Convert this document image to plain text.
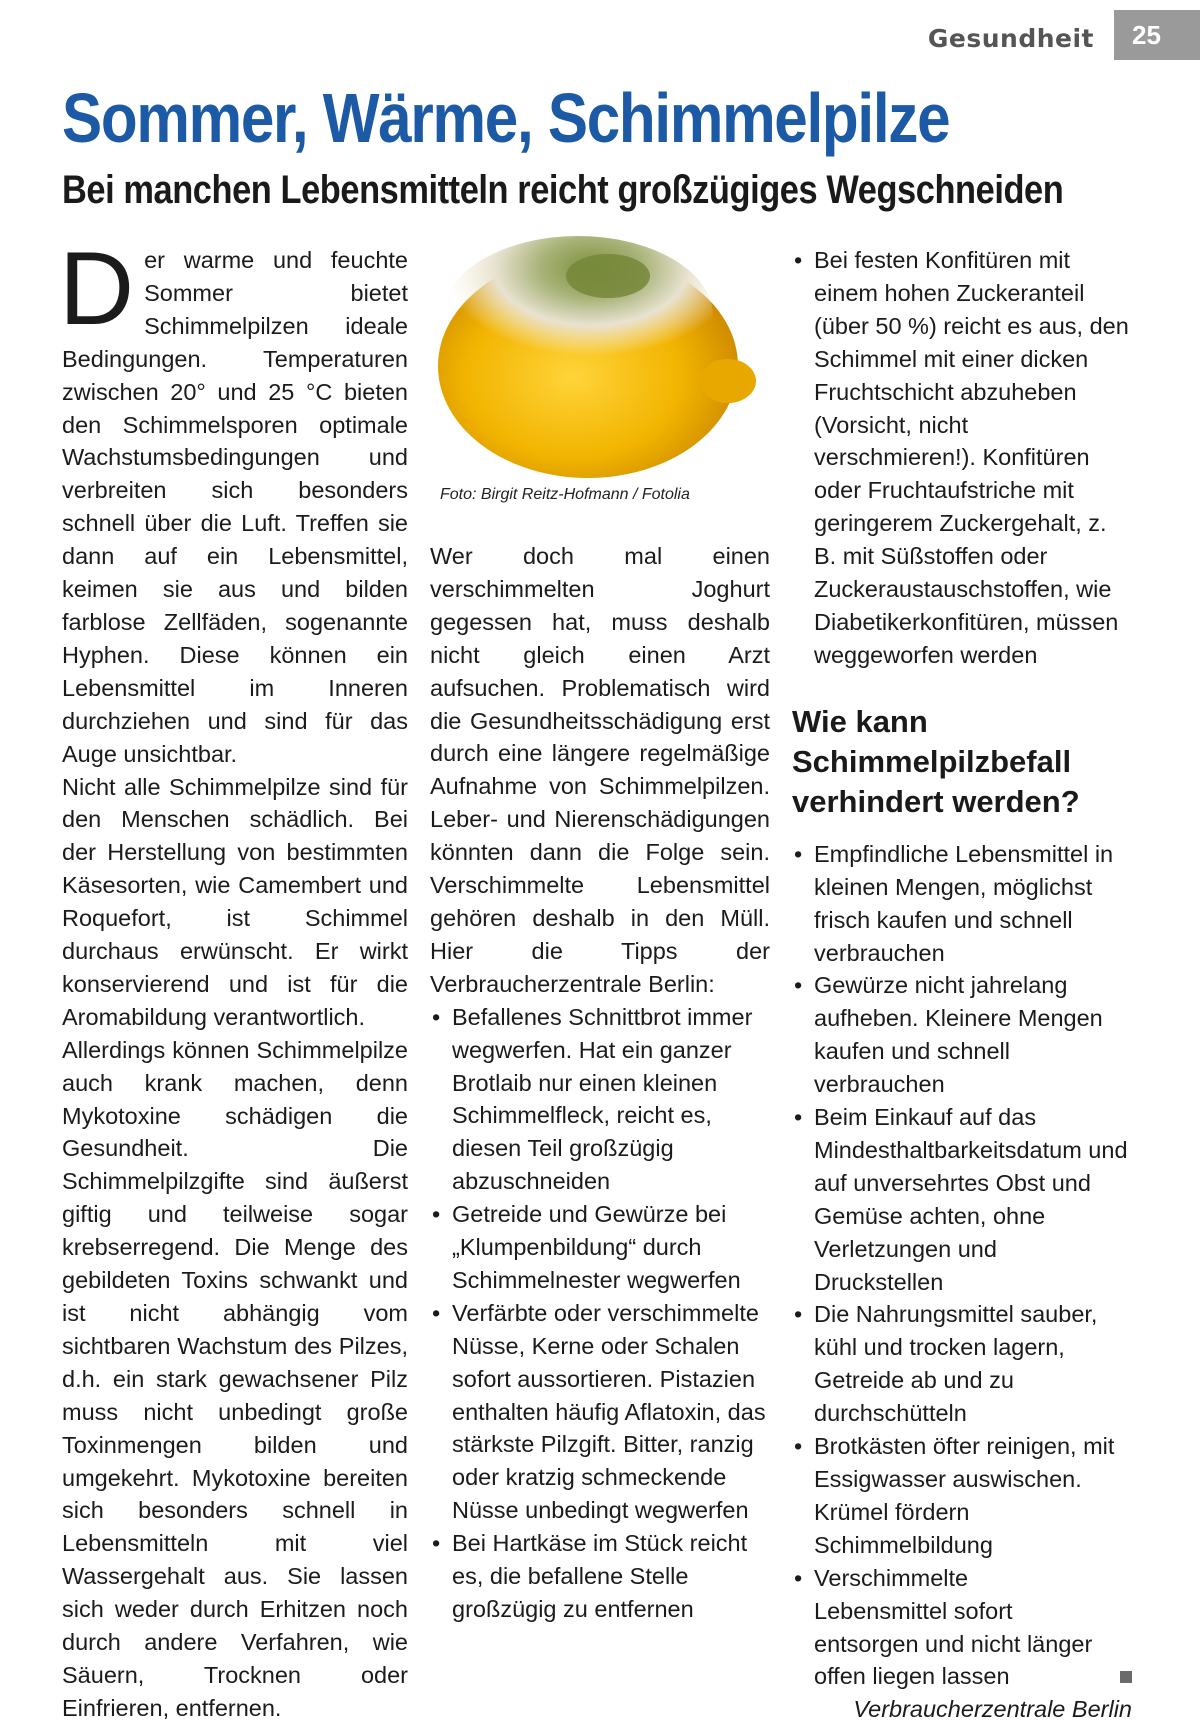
Gesundheit	25
Sommer, Wärme, Schimmelpilze
Bei manchen Lebensmitteln reicht großzügiges Wegschneiden

Der warme und feuchte Sommer bietet Schimmelpilzen ideale Bedingungen. Temperaturen zwischen 20° und 25 °C bieten den Schimmelsporen optimale Wachstumsbedingungen und verbreiten sich besonders schnell über die Luft. Treffen sie dann auf ein Lebensmittel, keimen sie aus und bilden farblose Zellfäden, sogenannte Hyphen. Diese können ein Lebensmittel im Inneren durchziehen und sind für das Auge unsichtbar.

Nicht alle Schimmelpilze sind für den Menschen schädlich. Bei der Herstellung von bestimmten Käsesorten, wie Camembert und Roquefort, ist Schimmel durchaus erwünscht. Er wirkt konservierend und ist für die Aromabildung verantwortlich.

Allerdings können Schimmelpilze auch krank machen, denn Mykotoxine schädigen die Gesundheit. Die Schimmelpilzgifte sind äußerst giftig und teilweise sogar krebserregend. Die Menge des gebildeten Toxins schwankt und ist nicht abhängig vom sichtbaren Wachstum des Pilzes, d.h. ein stark gewachsener Pilz muss nicht unbedingt große Toxinmengen bilden und umgekehrt. Mykotoxine bereiten sich besonders schnell in Lebensmitteln mit viel Wassergehalt aus. Sie lassen sich weder durch Erhitzen noch durch andere Verfahren, wie Säuern, Trocknen oder Einfrieren, entfernen.

Foto: Birgit Reitz-Hofmann / Fotolia

Wer doch mal einen verschimmelten Joghurt gegessen hat, muss deshalb nicht gleich einen Arzt aufsuchen. Problematisch wird die Gesundheitsschädigung erst durch eine längere regelmäßige Aufnahme von Schimmelpilzen. Leber- und Nierenschädigungen könnten dann die Folge sein. Verschimmelte Lebensmittel gehören deshalb in den Müll. Hier die Tipps der Verbraucherzentrale Berlin:

• Befallenes Schnittbrot immer wegwerfen. Hat ein ganzer Brotlaib nur einen kleinen Schimmelfleck, reicht es, diesen Teil großzügig abzuschneiden
• Getreide und Gewürze bei „Klumpenbildung“ durch Schimmelnester wegwerfen
• Verfärbte oder verschimmelte Nüsse, Kerne oder Schalen sofort aussortieren. Pistazien enthalten häufig Aflatoxin, das stärkste Pilzgift. Bitter, ranzig oder kratzig schmeckende Nüsse unbedingt wegwerfen
• Bei Hartkäse im Stück reicht es, die befallene Stelle großzügig zu entfernen
• Bei festen Konfitüren mit einem hohen Zuckeranteil (über 50 %) reicht es aus, den Schimmel mit einer dicken Fruchtschicht abzuheben (Vorsicht, nicht verschmieren!). Konfitüren oder Fruchtaufstriche mit geringerem Zuckergehalt, z. B. mit Süßstoffen oder Zuckeraustauschstoffen, wie Diabetikerkonfitüren, müssen weggeworfen werden
Wie kann Schimmelpilzbefall verhindert werden?
• Empfindliche Lebensmittel in kleinen Mengen, möglichst frisch kaufen und schnell verbrauchen
• Gewürze nicht jahrelang aufheben. Kleinere Mengen kaufen und schnell verbrauchen
• Beim Einkauf auf das Mindesthaltbarkeitsdatum und auf unversehrtes Obst und Gemüse achten, ohne Verletzungen und Druckstellen
• Die Nahrungsmittel sauber, kühl und trocken lagern, Getreide ab und zu durchschütteln
• Brotkästen öfter reinigen, mit Essigwasser auswischen. Krümel fördern Schimmelbildung
• Verschimmelte Lebensmittel sofort entsorgen und nicht länger offen liegen lassen
Verbraucherzentrale Berlin
